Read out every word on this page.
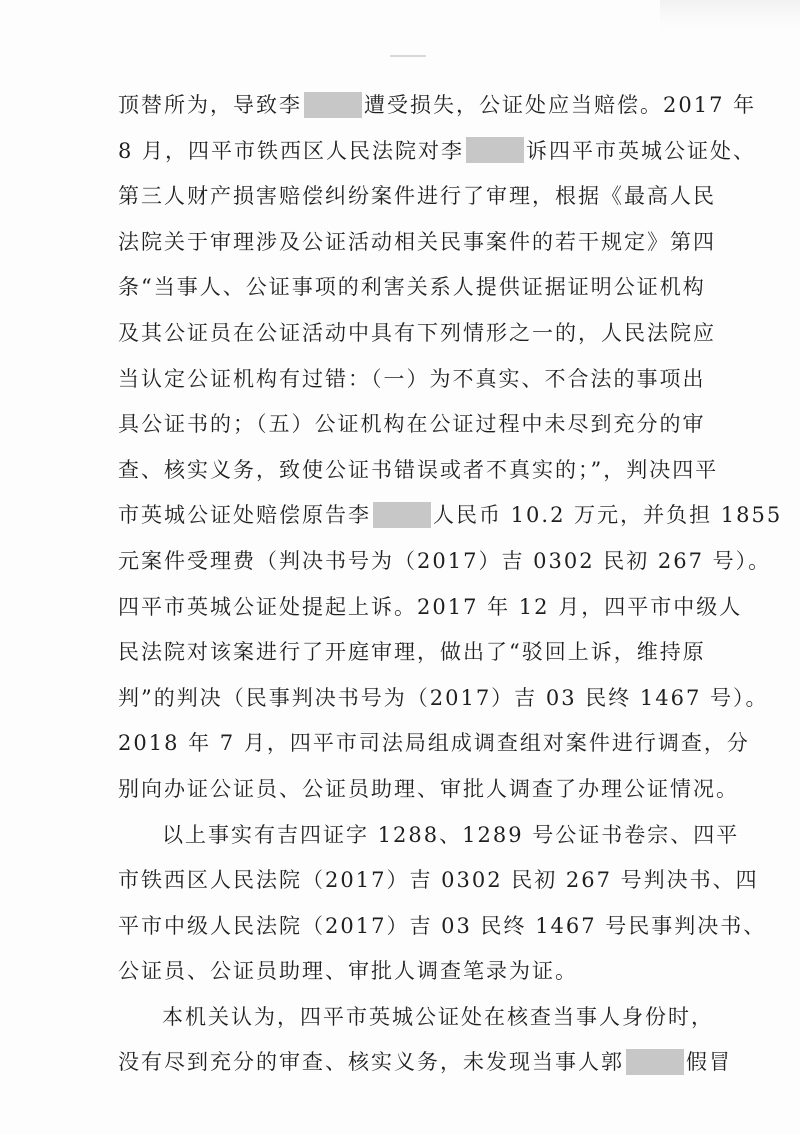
顶替所为，导致李	遭受损失，公证处应当赔偿。2017 年
8 月，四平市铁西区人民法院对李	诉四平市英城公证处、
第三人财产损害赔偿纠纷案件进行了审理，根据《最高人民
法院关于审理涉及公证活动相关民事案件的若干规定》第四
条“当事人、公证事项的利害关系人提供证据证明公证机构
及其公证员在公证活动中具有下列情形之一的，人民法院应
当认定公证机构有过错：（一）为不真实、不合法的事项出
具公证书的；（五）公证机构在公证过程中未尽到充分的审
查、核实义务，致使公证书错误或者不真实的；”，判决四平
市英城公证处赔偿原告李	人民币 10.2 万元，并负担 1855
元案件受理费（判决书号为（2017）吉 0302 民初 267 号）。
四平市英城公证处提起上诉。2017 年 12 月，四平市中级人
民法院对该案进行了开庭审理，做出了“驳回上诉，维持原
判”的判决（民事判决书号为（2017）吉 03 民终 1467 号）。
2018 年 7 月，四平市司法局组成调查组对案件进行调查，分
别向办证公证员、公证员助理、审批人调查了办理公证情况。
以上事实有吉四证字 1288、1289 号公证书卷宗、四平
市铁西区人民法院（2017）吉 0302 民初 267 号判决书、四
平市中级人民法院（2017）吉 03 民终 1467 号民事判决书、
公证员、公证员助理、审批人调查笔录为证。
本机关认为，四平市英城公证处在核查当事人身份时，
没有尽到充分的审查、核实义务，未发现当事人郭	假冒
